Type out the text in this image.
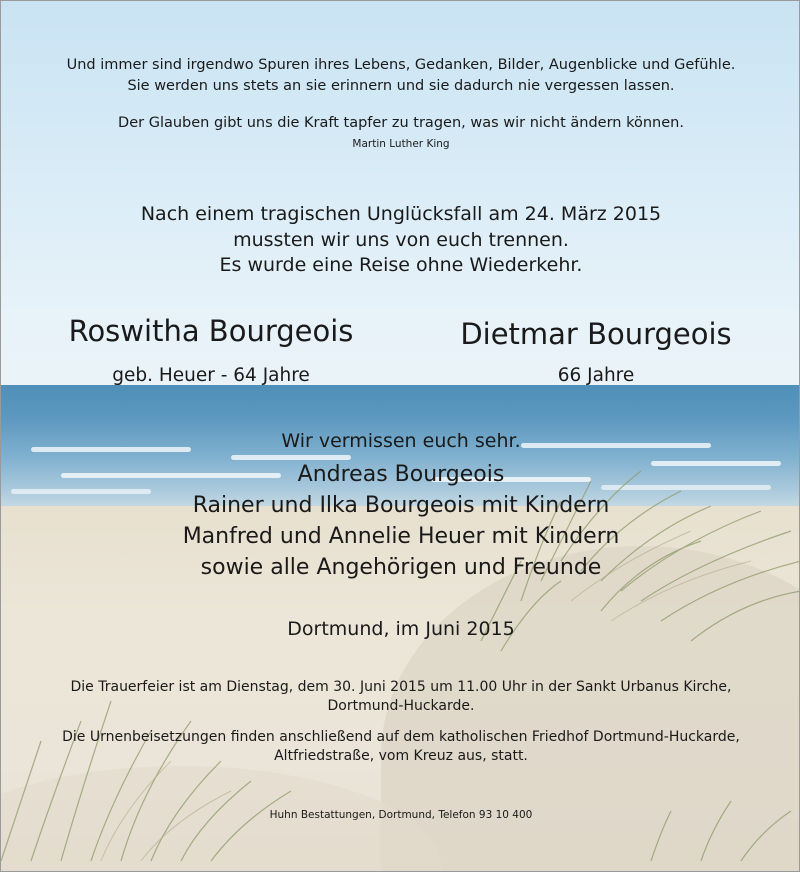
Und immer sind irgendwo Spuren ihres Lebens, Gedanken, Bilder, Augenblicke und Gefühle.
Sie werden uns stets an sie erinnern und sie dadurch nie vergessen lassen.
Der Glauben gibt uns die Kraft tapfer zu tragen, was wir nicht ändern können.
Martin Luther King
Nach einem tragischen Unglücksfall am 24. März 2015
mussten wir uns von euch trennen.
Es wurde eine Reise ohne Wiederkehr.
Roswitha Bourgeois
geb. Heuer - 64 Jahre
Dietmar Bourgeois
66 Jahre
Wir vermissen euch sehr.
Andreas Bourgeois
Rainer und Ilka Bourgeois mit Kindern
Manfred und Annelie Heuer mit Kindern
sowie alle Angehörigen und Freunde
Dortmund, im Juni 2015
Die Trauerfeier ist am Dienstag, dem 30. Juni 2015 um 11.00 Uhr in der Sankt Urbanus Kirche,
Dortmund-Huckarde.
Die Urnenbeisetzungen finden anschließend auf dem katholischen Friedhof Dortmund-Huckarde,
Altfriedstraße, vom Kreuz aus, statt.
Huhn Bestattungen, Dortmund, Telefon 93 10 400
